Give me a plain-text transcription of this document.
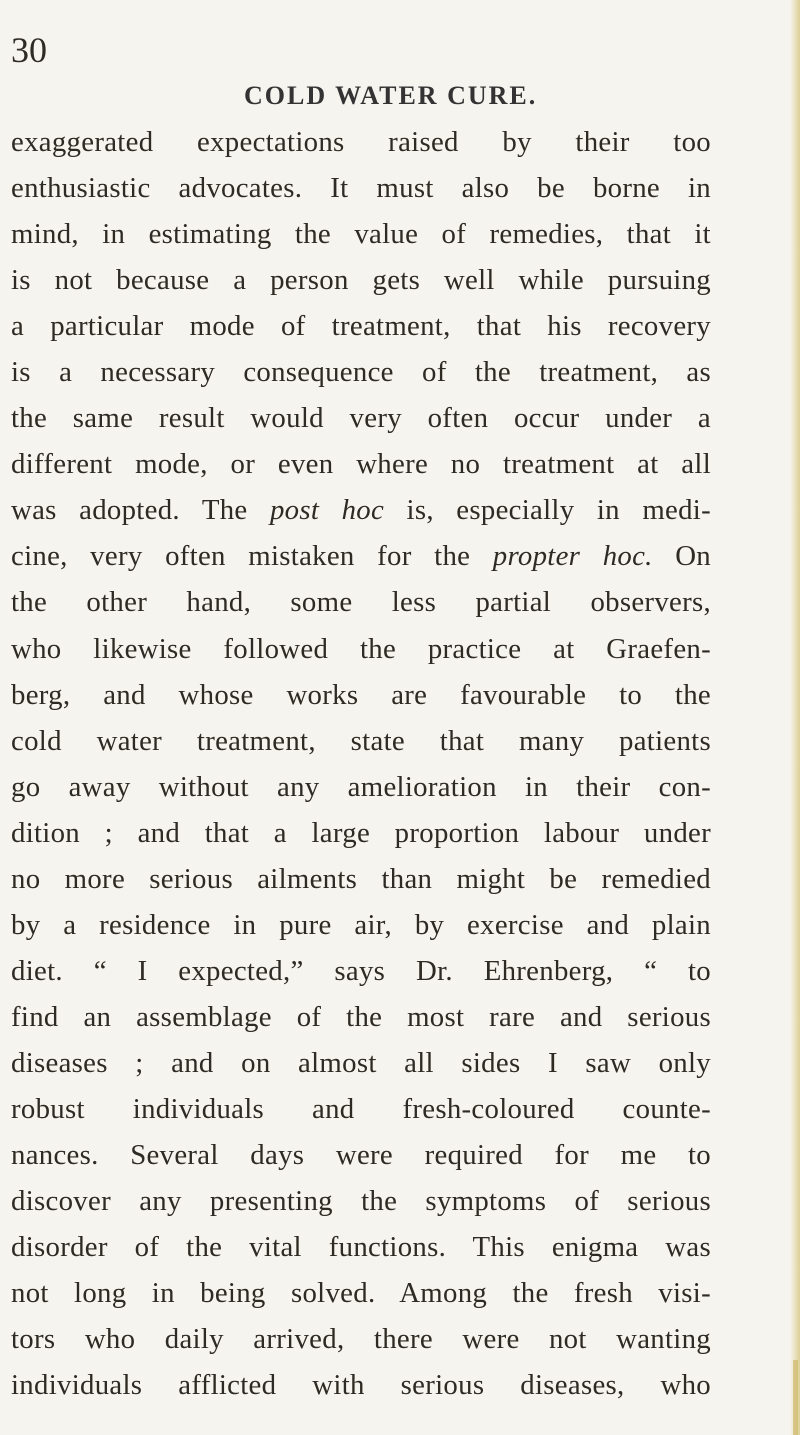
30
COLD WATER CURE.
exaggerated expectations raised by their too
enthusiastic advocates. It must also be borne in
mind, in estimating the value of remedies, that it
is not because a person gets well while pursuing
a particular mode of treatment, that his recovery
is a necessary consequence of the treatment, as
the same result would very often occur under a
different mode, or even where no treatment at all
was adopted. The post hoc is, especially in medi-
cine, very often mistaken for the propter hoc. On
the other hand, some less partial observers,
who likewise followed the practice at Graefen-
berg, and whose works are favourable to the
cold water treatment, state that many patients
go away without any amelioration in their con-
dition ; and that a large proportion labour under
no more serious ailments than might be remedied
by a residence in pure air, by exercise and plain
diet. “ I expected,” says Dr. Ehrenberg, “ to
find an assemblage of the most rare and serious
diseases ; and on almost all sides I saw only
robust individuals and fresh-coloured counte-
nances. Several days were required for me to
discover any presenting the symptoms of serious
disorder of the vital functions. This enigma was
not long in being solved. Among the fresh visi-
tors who daily arrived, there were not wanting
individuals afflicted with serious diseases, who
